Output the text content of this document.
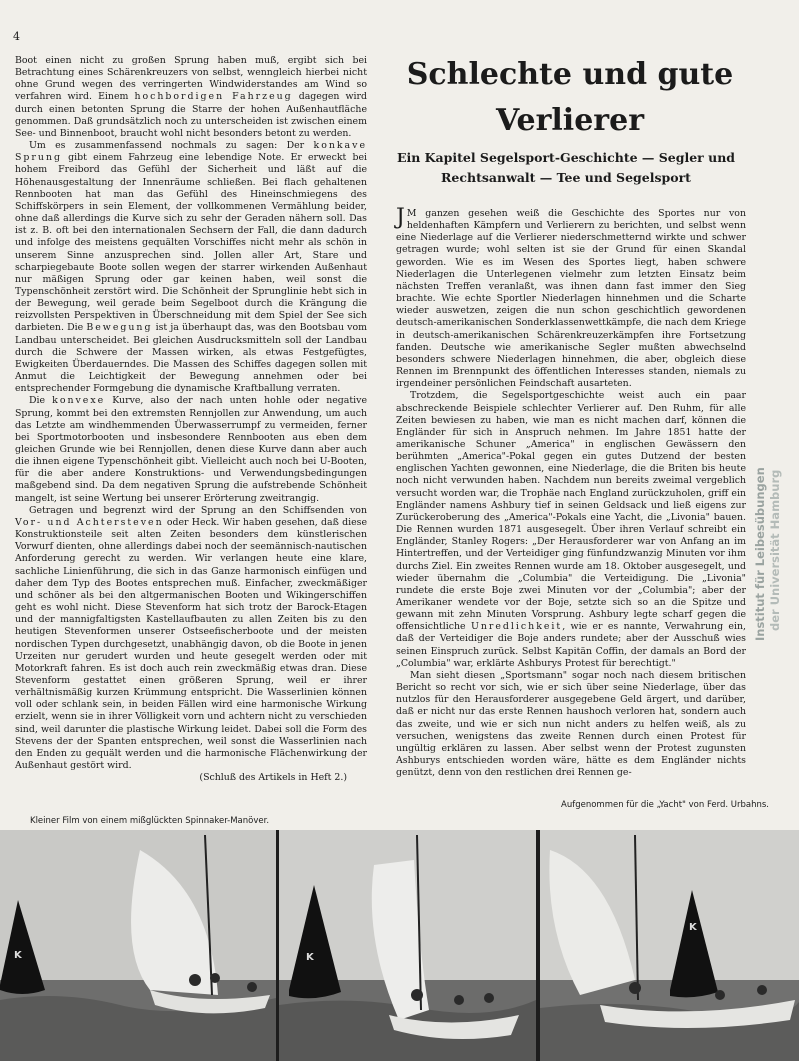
4

Boot einen nicht zu großen Sprung haben muß, ergibt sich bei Betrachtung eines Schärenkreuzers von selbst, wenngleich hierbei nicht ohne Grund wegen des verringerten Windwiderstandes am Wind so verfahren wird. Einem hochbordigen Fahrzeug dagegen wird durch einen betonten Sprung die Starre der hohen Außenhautfläche genommen. Daß grundsätzlich noch zu unterscheiden ist zwischen einem See- und Binnenboot, braucht wohl nicht besonders betont zu werden.

Um es zusammenfassend nochmals zu sagen: Der konkave Sprung gibt einem Fahrzeug eine lebendige Note. Er erweckt bei hohem Freibord das Gefühl der Sicherheit und läßt auf die Höhenausgestaltung der Innenräume schließen. Bei flach gehaltenen Rennbooten hat man das Gefühl des Hineinschmiegens des Schiffskörpers in sein Element, der vollkommenen Vermählung beider, ohne daß allerdings die Kurve sich zu sehr der Geraden nähern soll. Das ist z. B. oft bei den internationalen Sechsern der Fall, die dann dadurch und infolge des meistens gequälten Vorschiffes nicht mehr als schön in unserem Sinne anzusprechen sind. Jollen aller Art, Stare und scharpiegebaute Boote sollen wegen der starrer wirkenden Außenhaut nur mäßigen Sprung oder gar keinen haben, weil sonst die Typenschönheit zerstört wird. Die Schönheit der Sprunglinie hebt sich in der Bewegung, weil gerade beim Segelboot durch die Krängung die reizvollsten Perspektiven in Überschneidung mit dem Spiel der See sich darbieten. Die Bewegung ist ja überhaupt das, was den Bootsbau vom Landbau unterscheidet. Bei gleichen Ausdrucksmitteln soll der Landbau durch die Schwere der Massen wirken, als etwas Festgefügtes, Ewigkeiten Überdauerndes. Die Massen des Schiffes dagegen sollen mit Anmut die Leichtigkeit der Bewegung annehmen oder bei entsprechender Formgebung die dynamische Kraftballung verraten.

Die konvexe Kurve, also der nach unten hohle oder negative Sprung, kommt bei den extremsten Rennjollen zur Anwendung, um auch das Letzte am windhemmenden Überwasserrumpf zu vermeiden, ferner bei Sportmotorbooten und insbesondere Rennbooten aus eben dem gleichen Grunde wie bei Rennjollen, denen diese Kurve dann aber auch die ihnen eigene Typenschönheit gibt. Vielleicht auch noch bei U-Booten, für die aber andere Konstruktions- und Verwendungsbedingungen maßgebend sind. Da dem negativen Sprung die aufstrebende Schönheit mangelt, ist seine Wertung bei unserer Erörterung zweitrangig.

Getragen und begrenzt wird der Sprung an den Schiffsenden von Vor- und Achtersteven oder Heck. Wir haben gesehen, daß diese Konstruktionsteile seit alten Zeiten besonders dem künstlerischen Vorwurf dienten, ohne allerdings dabei noch der seemännisch-nautischen Anforderung gerecht zu werden. Wir verlangen heute eine klare, sachliche Linienführung, die sich in das Ganze harmonisch einfügen und daher dem Typ des Bootes entsprechen muß. Einfacher, zweckmäßiger und schöner als bei den altgermanischen Booten und Wikingerschiffen geht es wohl nicht. Diese Stevenform hat sich trotz der Barock-Etagen und der mannigfaltigsten Kastellaufbauten zu allen Zeiten bis zu den heutigen Stevenformen unserer Ostseefischerboote und der meisten nordischen Typen durchgesetzt, unabhängig davon, ob die Boote in jenen Urzeiten nur gerudert wurden und heute gesegelt werden oder mit Motorkraft fahren. Es ist doch auch rein zweckmäßig etwas dran. Diese Stevenform gestattet einen größeren Sprung, weil er ihrer verhältnismäßig kurzen Krümmung entspricht. Die Wasserlinien können voll oder schlank sein, in beiden Fällen wird eine harmonische Wirkung erzielt, wenn sie in ihrer Völligkeit vorn und achtern nicht zu verschieden sind, weil darunter die plastische Wirkung leidet. Dabei soll die Form des Stevens der der Spanten entsprechen, weil sonst die Wasserlinien nach den Enden zu gequält werden und die harmonische Flächenwirkung der Außenhaut gestört wird.

(Schluß des Artikels in Heft 2.)

Schlechte und gute
Verlierer
Ein Kapitel Segelsport-Geschichte — Segler und
Rechtsanwalt — Tee und Segelsport

J M ganzen gesehen weiß die Geschichte des Sportes nur von heldenhaften Kämpfern und Verlierern zu berichten, und selbst wenn eine Niederlage auf die Verlierer niederschmetternd wirkte und schwer getragen wurde; wohl selten ist sie der Grund für einen Skandal geworden. Wie es im Wesen des Sportes liegt, haben schwere Niederlagen die Unterlegenen vielmehr zum letzten Einsatz beim nächsten Treffen veranlaßt, was ihnen dann fast immer den Sieg brachte. Wie echte Sportler Niederlagen hinnehmen und die Scharte wieder auswetzen, zeigen die nun schon geschichtlich gewordenen deutsch-amerikanischen Sonderklassenwettkämpfe, die nach dem Kriege in deutsch-amerikanischen Schärenkreuzerkämpfen ihre Fortsetzung fanden. Deutsche wie amerikanische Segler mußten abwechselnd besonders schwere Niederlagen hinnehmen, die aber, obgleich diese Rennen im Brennpunkt des öffentlichen Interesses standen, niemals zu irgendeiner persönlichen Feindschaft ausarteten.

Trotzdem, die Segelsportgeschichte weist auch ein paar abschreckende Beispiele schlechter Verlierer auf. Den Ruhm, für alle Zeiten bewiesen zu haben, wie man es nicht machen darf, können die Engländer für sich in Anspruch nehmen. Im Jahre 1851 hatte der amerikanische Schuner „America" in englischen Gewässern den berühmten „America"-Pokal gegen ein gutes Dutzend der besten englischen Yachten gewonnen, eine Niederlage, die die Briten bis heute noch nicht verwunden haben. Nachdem nun bereits zweimal vergeblich versucht worden war, die Trophäe nach England zurückzuholen, griff ein Engländer namens Ashbury tief in seinen Geldsack und ließ eigens zur Zurückeroberung des „America"-Pokals eine Yacht, die „Livonia" bauen. Die Rennen wurden 1871 ausgesegelt. Über ihren Verlauf schreibt ein Engländer, Stanley Rogers: „Der Herausforderer war von Anfang an im Hintertreffen, und der Verteidiger ging fünfundzwanzig Minuten vor ihm durchs Ziel. Ein zweites Rennen wurde am 18. Oktober ausgesegelt, und wieder übernahm die „Columbia" die Verteidigung. Die „Livonia" rundete die erste Boje zwei Minuten vor der „Columbia"; aber der Amerikaner wendete vor der Boje, setzte sich so an die Spitze und gewann mit zehn Minuten Vorsprung. Ashbury legte scharf gegen die offensichtliche Unredlichkeit, wie er es nannte, Verwahrung ein, daß der Verteidiger die Boje anders rundete; aber der Ausschuß wies seinen Einspruch zurück. Selbst Kapitän Coffin, der damals an Bord der „Columbia" war, erklärte Ashburys Protest für berechtigt."

Man sieht diesen „Sportsmann" sogar noch nach diesem britischen Bericht so recht vor sich, wie er sich über seine Niederlage, über das nutzlos für den Herausforderer ausgegebene Geld ärgert, und darüber, daß er nicht nur das erste Rennen haushoch verloren hat, sondern auch das zweite, und wie er sich nun nicht anders zu helfen weiß, als zu versuchen, wenigstens das zweite Rennen durch einen Protest für ungültig erklären zu lassen. Aber selbst wenn der Protest zugunsten Ashburys entschieden worden wäre, hätte es dem Engländer nichts genützt, denn von den restlichen drei Rennen ge-

Institut für Leibesübungen der Universität Hamburg
Aufgenommen für die „Yacht" von Ferd. Urbahns.
Kleiner Film von einem mißglückten Spinnaker-Manöver.
K	K
K
